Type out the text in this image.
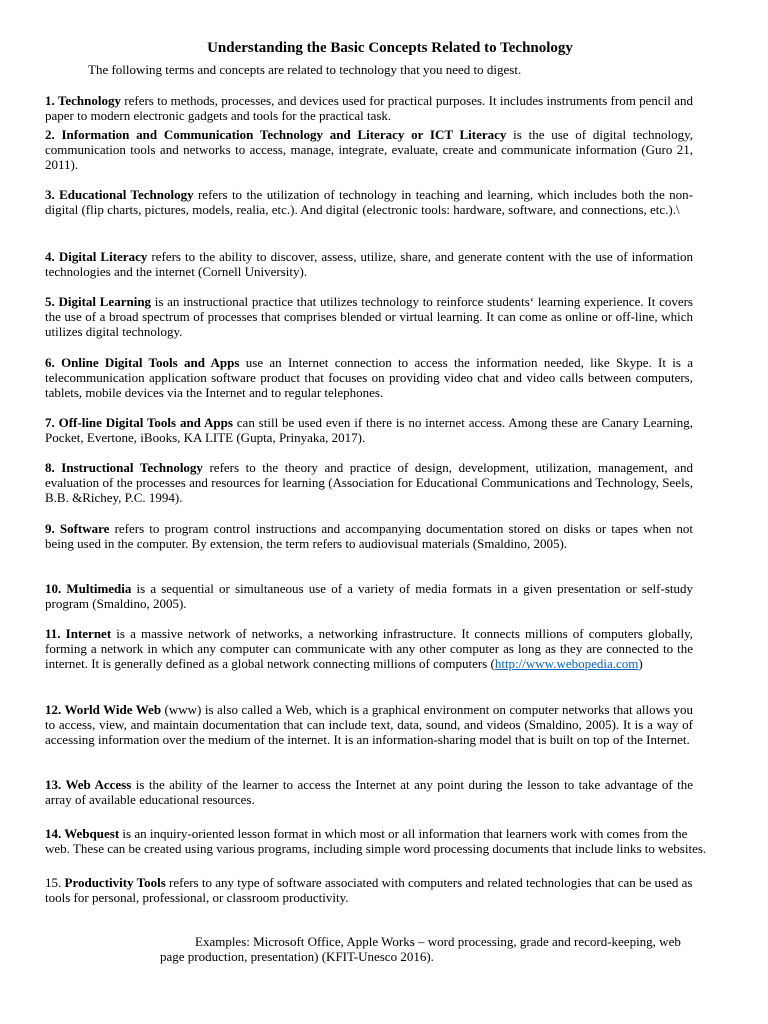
Understanding the Basic Concepts Related to Technology
The following terms and concepts are related to technology that you need to digest.
1. Technology refers to methods, processes, and devices used for practical purposes. It includes instruments from pencil and paper to modern electronic gadgets and tools for the practical task.
2. Information and Communication Technology and Literacy or ICT Literacy is the use of digital technology, communication tools and networks to access, manage, integrate, evaluate, create and communicate information (Guro 21, 2011).
3. Educational Technology refers to the utilization of technology in teaching and learning, which includes both the non-digital (flip charts, pictures, models, realia, etc.). And digital (electronic tools: hardware, software, and connections, etc.).\
4. Digital Literacy refers to the ability to discover, assess, utilize, share, and generate content with the use of information technologies and the internet (Cornell University).
5. Digital Learning is an instructional practice that utilizes technology to reinforce students‘ learning experience. It covers the use of a broad spectrum of processes that comprises blended or virtual learning. It can come as online or off-line, which utilizes digital technology.
6. Online Digital Tools and Apps use an Internet connection to access the information needed, like Skype. It is a telecommunication application software product that focuses on providing video chat and video calls between computers, tablets, mobile devices via the Internet and to regular telephones.
7. Off-line Digital Tools and Apps can still be used even if there is no internet access. Among these are Canary Learning, Pocket, Evertone, iBooks, KA LITE (Gupta, Prinyaka, 2017).
8. Instructional Technology refers to the theory and practice of design, development, utilization, management, and evaluation of the processes and resources for learning (Association for Educational Communications and Technology, Seels, B.B. &Richey, P.C. 1994).
9. Software refers to program control instructions and accompanying documentation stored on disks or tapes when not being used in the computer. By extension, the term refers to audiovisual materials (Smaldino, 2005).
10. Multimedia is a sequential or simultaneous use of a variety of media formats in a given presentation or self-study program (Smaldino, 2005).
11. Internet is a massive network of networks, a networking infrastructure. It connects millions of computers globally, forming a network in which any computer can communicate with any other computer as long as they are connected to the internet. It is generally defined as a global network connecting millions of computers (http://www.webopedia.com)
12. World Wide Web (www) is also called a Web, which is a graphical environment on computer networks that allows you to access, view, and maintain documentation that can include text, data, sound, and videos (Smaldino, 2005). It is a way of accessing information over the medium of the internet. It is an information-sharing model that is built on top of the Internet.
13. Web Access is the ability of the learner to access the Internet at any point during the lesson to take advantage of the array of available educational resources.
14. Webquest is an inquiry-oriented lesson format in which most or all information that learners work with comes from the web. These can be created using various programs, including simple word processing documents that include links to websites.
15. Productivity Tools refers to any type of software associated with computers and related technologies that can be used as tools for personal, professional, or classroom productivity.
Examples: Microsoft Office, Apple Works – word processing, grade and record-keeping, web page production, presentation) (KFIT-Unesco 2016).
